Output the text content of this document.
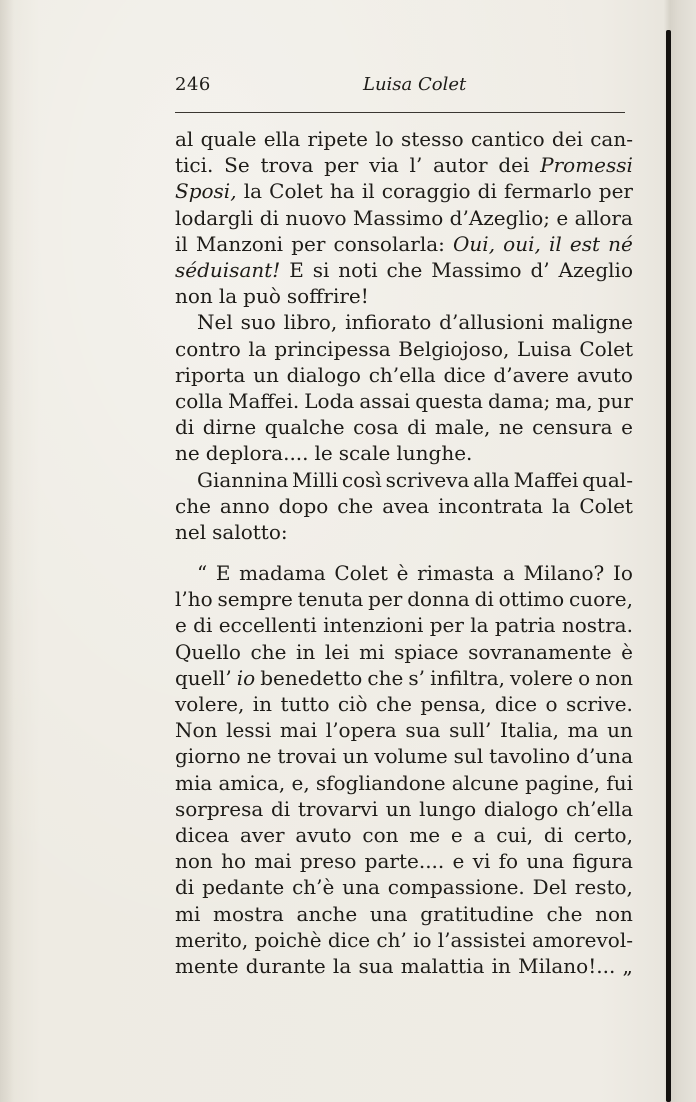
246	Luisa Colet
al quale ella ripete lo stesso cantico dei can-
tici. Se trova per via l’ autor dei Promessi
Sposi, la Colet ha il coraggio di fermarlo per
lodargli di nuovo Massimo d’Azeglio; e allora
il Manzoni per consolarla: Oui, oui, il est né
séduisant! E si noti che Massimo d’ Azeglio
non la può soffrire!
Nel suo libro, infiorato d’allusioni maligne
contro la principessa Belgiojoso, Luisa Colet
riporta un dialogo ch’ella dice d’avere avuto
colla Maffei. Loda assai questa dama; ma, pur
di dirne qualche cosa di male, ne censura e
ne deplora.... le scale lunghe.
Giannina Milli così scriveva alla Maffei qual-
che anno dopo che avea incontrata la Colet
nel salotto:
“ E madama Colet è rimasta a Milano? Io
l’ho sempre tenuta per donna di ottimo cuore,
e di eccellenti intenzioni per la patria nostra.
Quello che in lei mi spiace sovranamente è
quell’ io benedetto che s’ infiltra, volere o non
volere, in tutto ciò che pensa, dice o scrive.
Non lessi mai l’opera sua sull’ Italia, ma un
giorno ne trovai un volume sul tavolino d’una
mia amica, e, sfogliandone alcune pagine, fui
sorpresa di trovarvi un lungo dialogo ch’ella
dicea aver avuto con me e a cui, di certo,
non ho mai preso parte.... e vi fo una figura
di pedante ch’è una compassione. Del resto,
mi mostra anche una gratitudine che non
merito, poichè dice ch’ io l’assistei amorevol-
mente durante la sua malattia in Milano!... „
